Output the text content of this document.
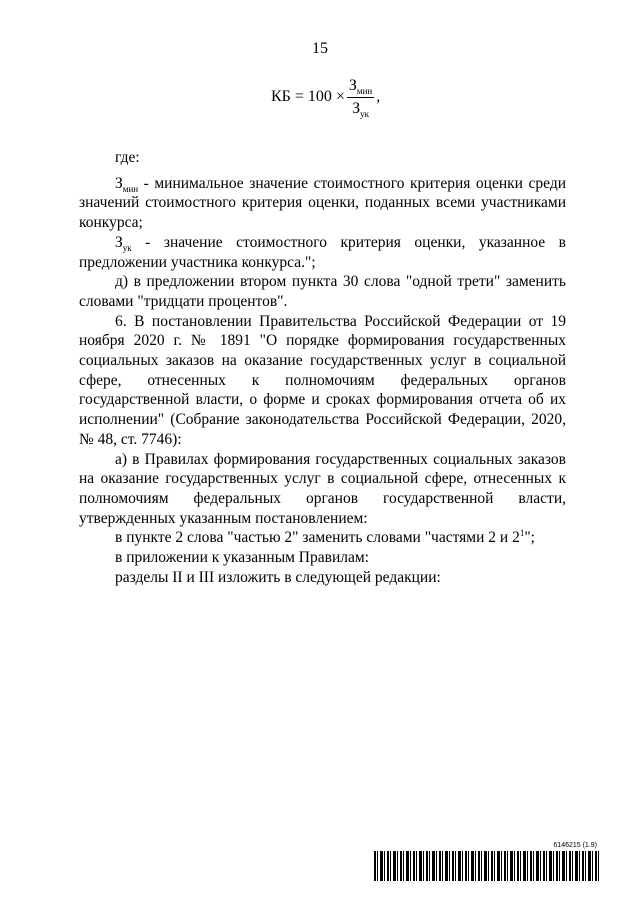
15
КБ = $100 \times \frac{З_{мин}}{З_{ук}}$ ,

где:

$З_{мин}$ - минимальное значение стоимостного критерия оценки среди значений стоимостного критерия оценки, поданных всеми участниками конкурса;

$З_{ук}$ - значение стоимостного критерия оценки, указанное в предложении участника конкурса.";

д) в предложении втором пункта 30 слова "одной трети" заменить словами "тридцати процентов".

6. В постановлении Правительства Российской Федерации от 19 ноября 2020 г. № 1891 "О порядке формирования государственных социальных заказов на оказание государственных услуг в социальной сфере, отнесенных к полномочиям федеральных органов государственной власти, о форме и сроках формирования отчета об их исполнении" (Собрание законодательства Российской Федерации, 2020, № 48, ст. 7746):

а) в Правилах формирования государственных социальных заказов на оказание государственных услуг в социальной сфере, отнесенных к полномочиям федеральных органов государственной власти, утвержденных указанным постановлением:

в пункте 2 слова "частью 2" заменить словами "частями 2 и $2^1$";

в приложении к указанным Правилам:

разделы II и III изложить в следующей редакции:

6146215 (1.9)
